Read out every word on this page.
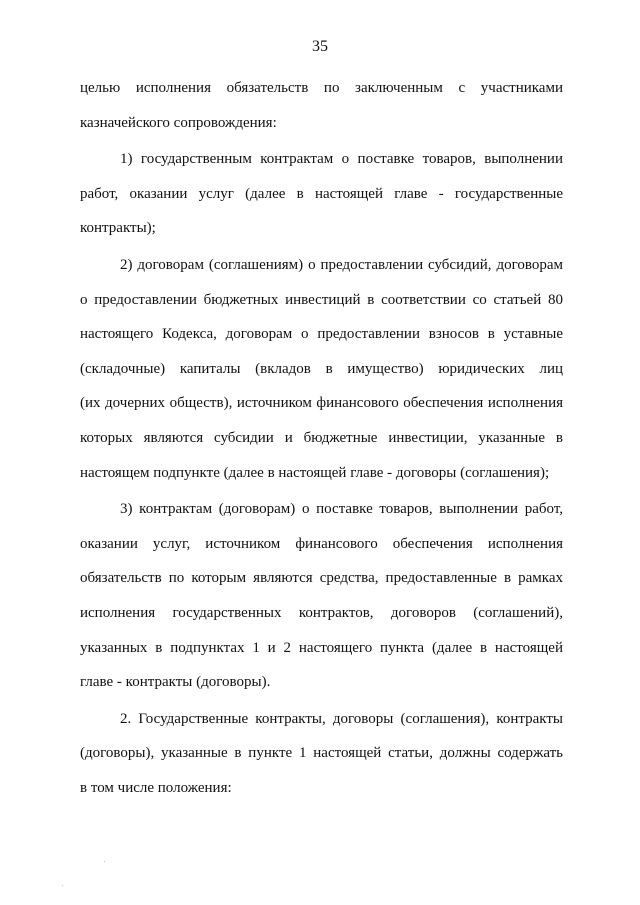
35

целью исполнения обязательств по заключенным с участниками

казначейского сопровождения:

1) государственным контрактам о поставке товаров, выполнении

работ, оказании услуг (далее в настоящей главе - государственные

контракты);

2) договорам (соглашениям) о предоставлении субсидий, договорам

о предоставлении бюджетных инвестиций в соответствии со статьей 80

настоящего Кодекса, договорам о предоставлении взносов в уставные

(складочные) капиталы (вкладов в имущество) юридических лиц

(их дочерних обществ), источником финансового обеспечения исполнения

которых являются субсидии и бюджетные инвестиции, указанные в

настоящем подпункте (далее в настоящей главе - договоры (соглашения);

3) контрактам (договорам) о поставке товаров, выполнении работ,

оказании услуг, источником финансового обеспечения исполнения

обязательств по которым являются средства, предоставленные в рамках

исполнения государственных контрактов, договоров (соглашений),

указанных в подпунктах 1 и 2 настоящего пункта (далее в настоящей

главе - контракты (договоры).

2. Государственные контракты, договоры (соглашения), контракты

(договоры), указанные в пункте 1 настоящей статьи, должны содержать

в том числе положения:
